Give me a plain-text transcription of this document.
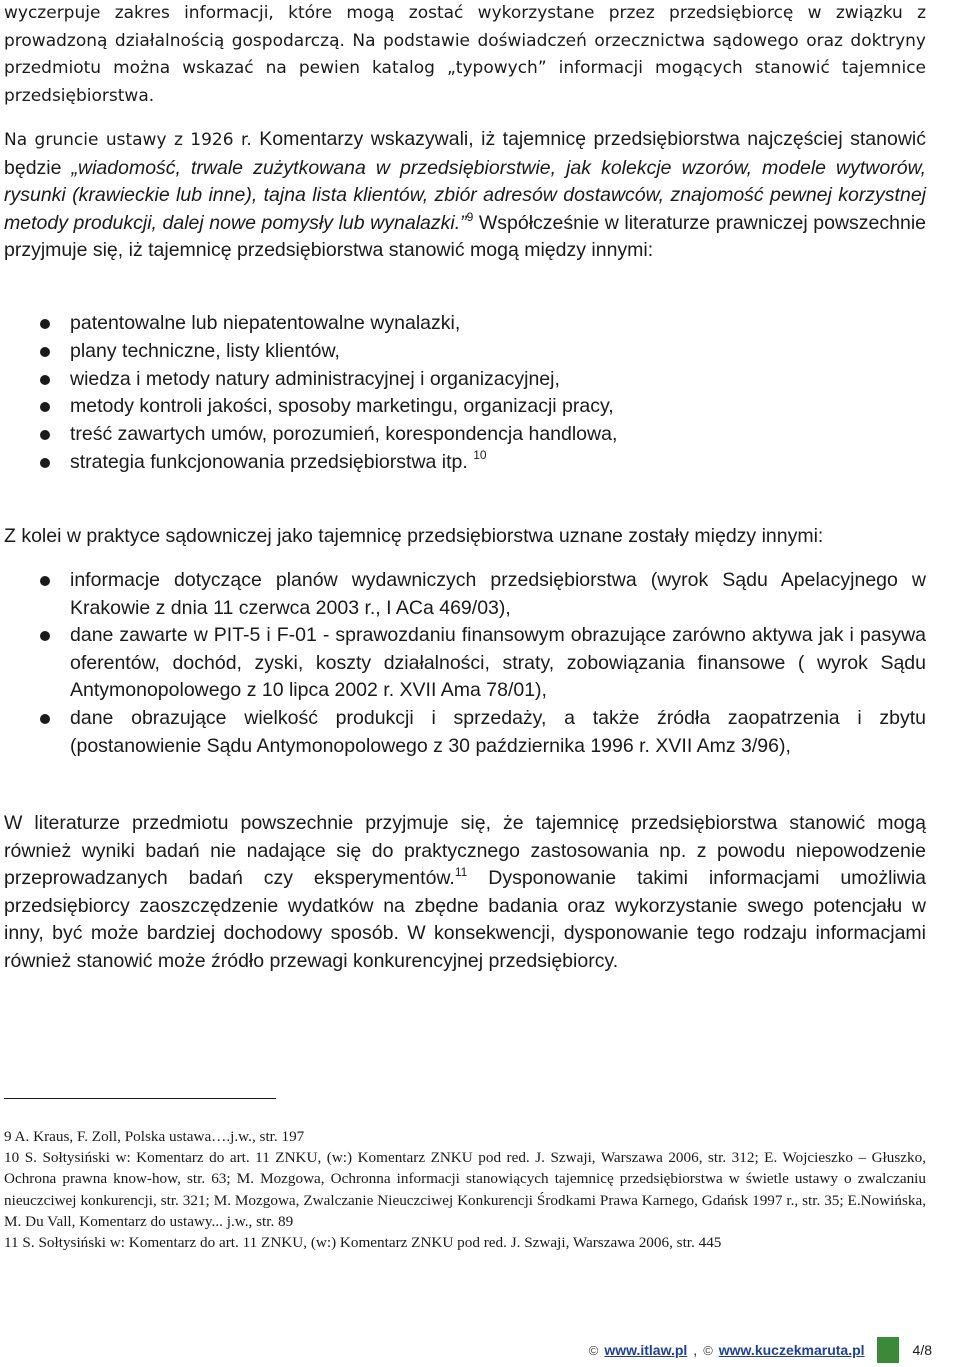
wyczerpuje zakres informacji, które mogą zostać wykorzystane przez przedsiębiorcę w związku z prowadzoną działalnością gospodarczą. Na podstawie doświadczeń orzecznictwa sądowego oraz doktryny przedmiotu można wskazać na pewien katalog „typowych” informacji mogących stanowić tajemnice przedsiębiorstwa.

Na gruncie ustawy z 1926 r. Komentarzy wskazywali, iż tajemnicę przedsiębiorstwa najczęściej stanowić będzie „wiadomość, trwale zużytkowana w przedsiębiorstwie, jak kolekcje wzorów, modele wytworów, rysunki (krawieckie lub inne), tajna lista klientów, zbiór adresów dostawców, znajomość pewnej korzystnej metody produkcji, dalej nowe pomysły lub wynalazki.”$^9$ Współcześnie w literaturze prawniczej powszechnie przyjmuje się, iż tajemnicę przedsiębiorstwa stanowić mogą między innymi:

patentowalne lub niepatentowalne wynalazki,
plany techniczne, listy klientów,
wiedza i metody natury administracyjnej i organizacyjnej,
metody kontroli jakości, sposoby marketingu, organizacji pracy,
treść zawartych umów, porozumień, korespondencja handlowa,
strategia funkcjonowania przedsiębiorstwa itp. $^{10}$

Z kolei w praktyce sądowniczej jako tajemnicę przedsiębiorstwa uznane zostały między innymi:

informacje dotyczące planów wydawniczych przedsiębiorstwa (wyrok Sądu Apelacyjnego w Krakowie z dnia 11 czerwca 2003 r., I ACa 469/03),
dane zawarte w PIT-5 i F-01 - sprawozdaniu finansowym obrazujące zarówno aktywa jak i pasywa oferentów, dochód, zyski, koszty działalności, straty, zobowiązania finansowe ( wyrok Sądu Antymonopolowego z 10 lipca 2002 r. XVII Ama 78/01),
dane obrazujące wielkość produkcji i sprzedaży, a także źródła zaopatrzenia i zbytu (postanowienie Sądu Antymonopolowego z 30 października 1996 r. XVII Amz 3/96),

W literaturze przedmiotu powszechnie przyjmuje się, że tajemnicę przedsiębiorstwa stanowić mogą również wyniki badań nie nadające się do praktycznego zastosowania np. z powodu niepowodzenie przeprowadzanych badań czy eksperymentów.$^{11}$ Dysponowanie takimi informacjami umożliwia przedsiębiorcy zaoszczędzenie wydatków na zbędne badania oraz wykorzystanie swego potencjału w inny, być może bardziej dochodowy sposób. W konsekwencji, dysponowanie tego rodzaju informacjami również stanowić może źródło przewagi konkurencyjnej przedsiębiorcy.

9 A. Kraus, F. Zoll, Polska ustawa….j.w., str. 197

10 S. Sołtysiński w: Komentarz do art. 11 ZNKU, (w:) Komentarz ZNKU pod red. J. Szwaji, Warszawa 2006, str. 312; E. Wojcieszko – Głuszko, Ochrona prawna know-how, str. 63; M. Mozgowa, Ochronna informacji stanowiących tajemnicę przedsiębiorstwa w świetle ustawy o zwalczaniu nieuczciwej konkurencji, str. 321; M. Mozgowa, Zwalczanie Nieuczciwej Konkurencji Środkami Prawa Karnego, Gdańsk 1997 r., str. 35; E.Nowińska, M. Du Vall, Komentarz do ustawy... j.w., str. 89

11 S. Sołtysiński w: Komentarz do art. 11 ZNKU, (w:) Komentarz ZNKU pod red. J. Szwaji, Warszawa 2006, str. 445

© www.itlaw.pl , © www.kuczekmaruta.pl	4/8
